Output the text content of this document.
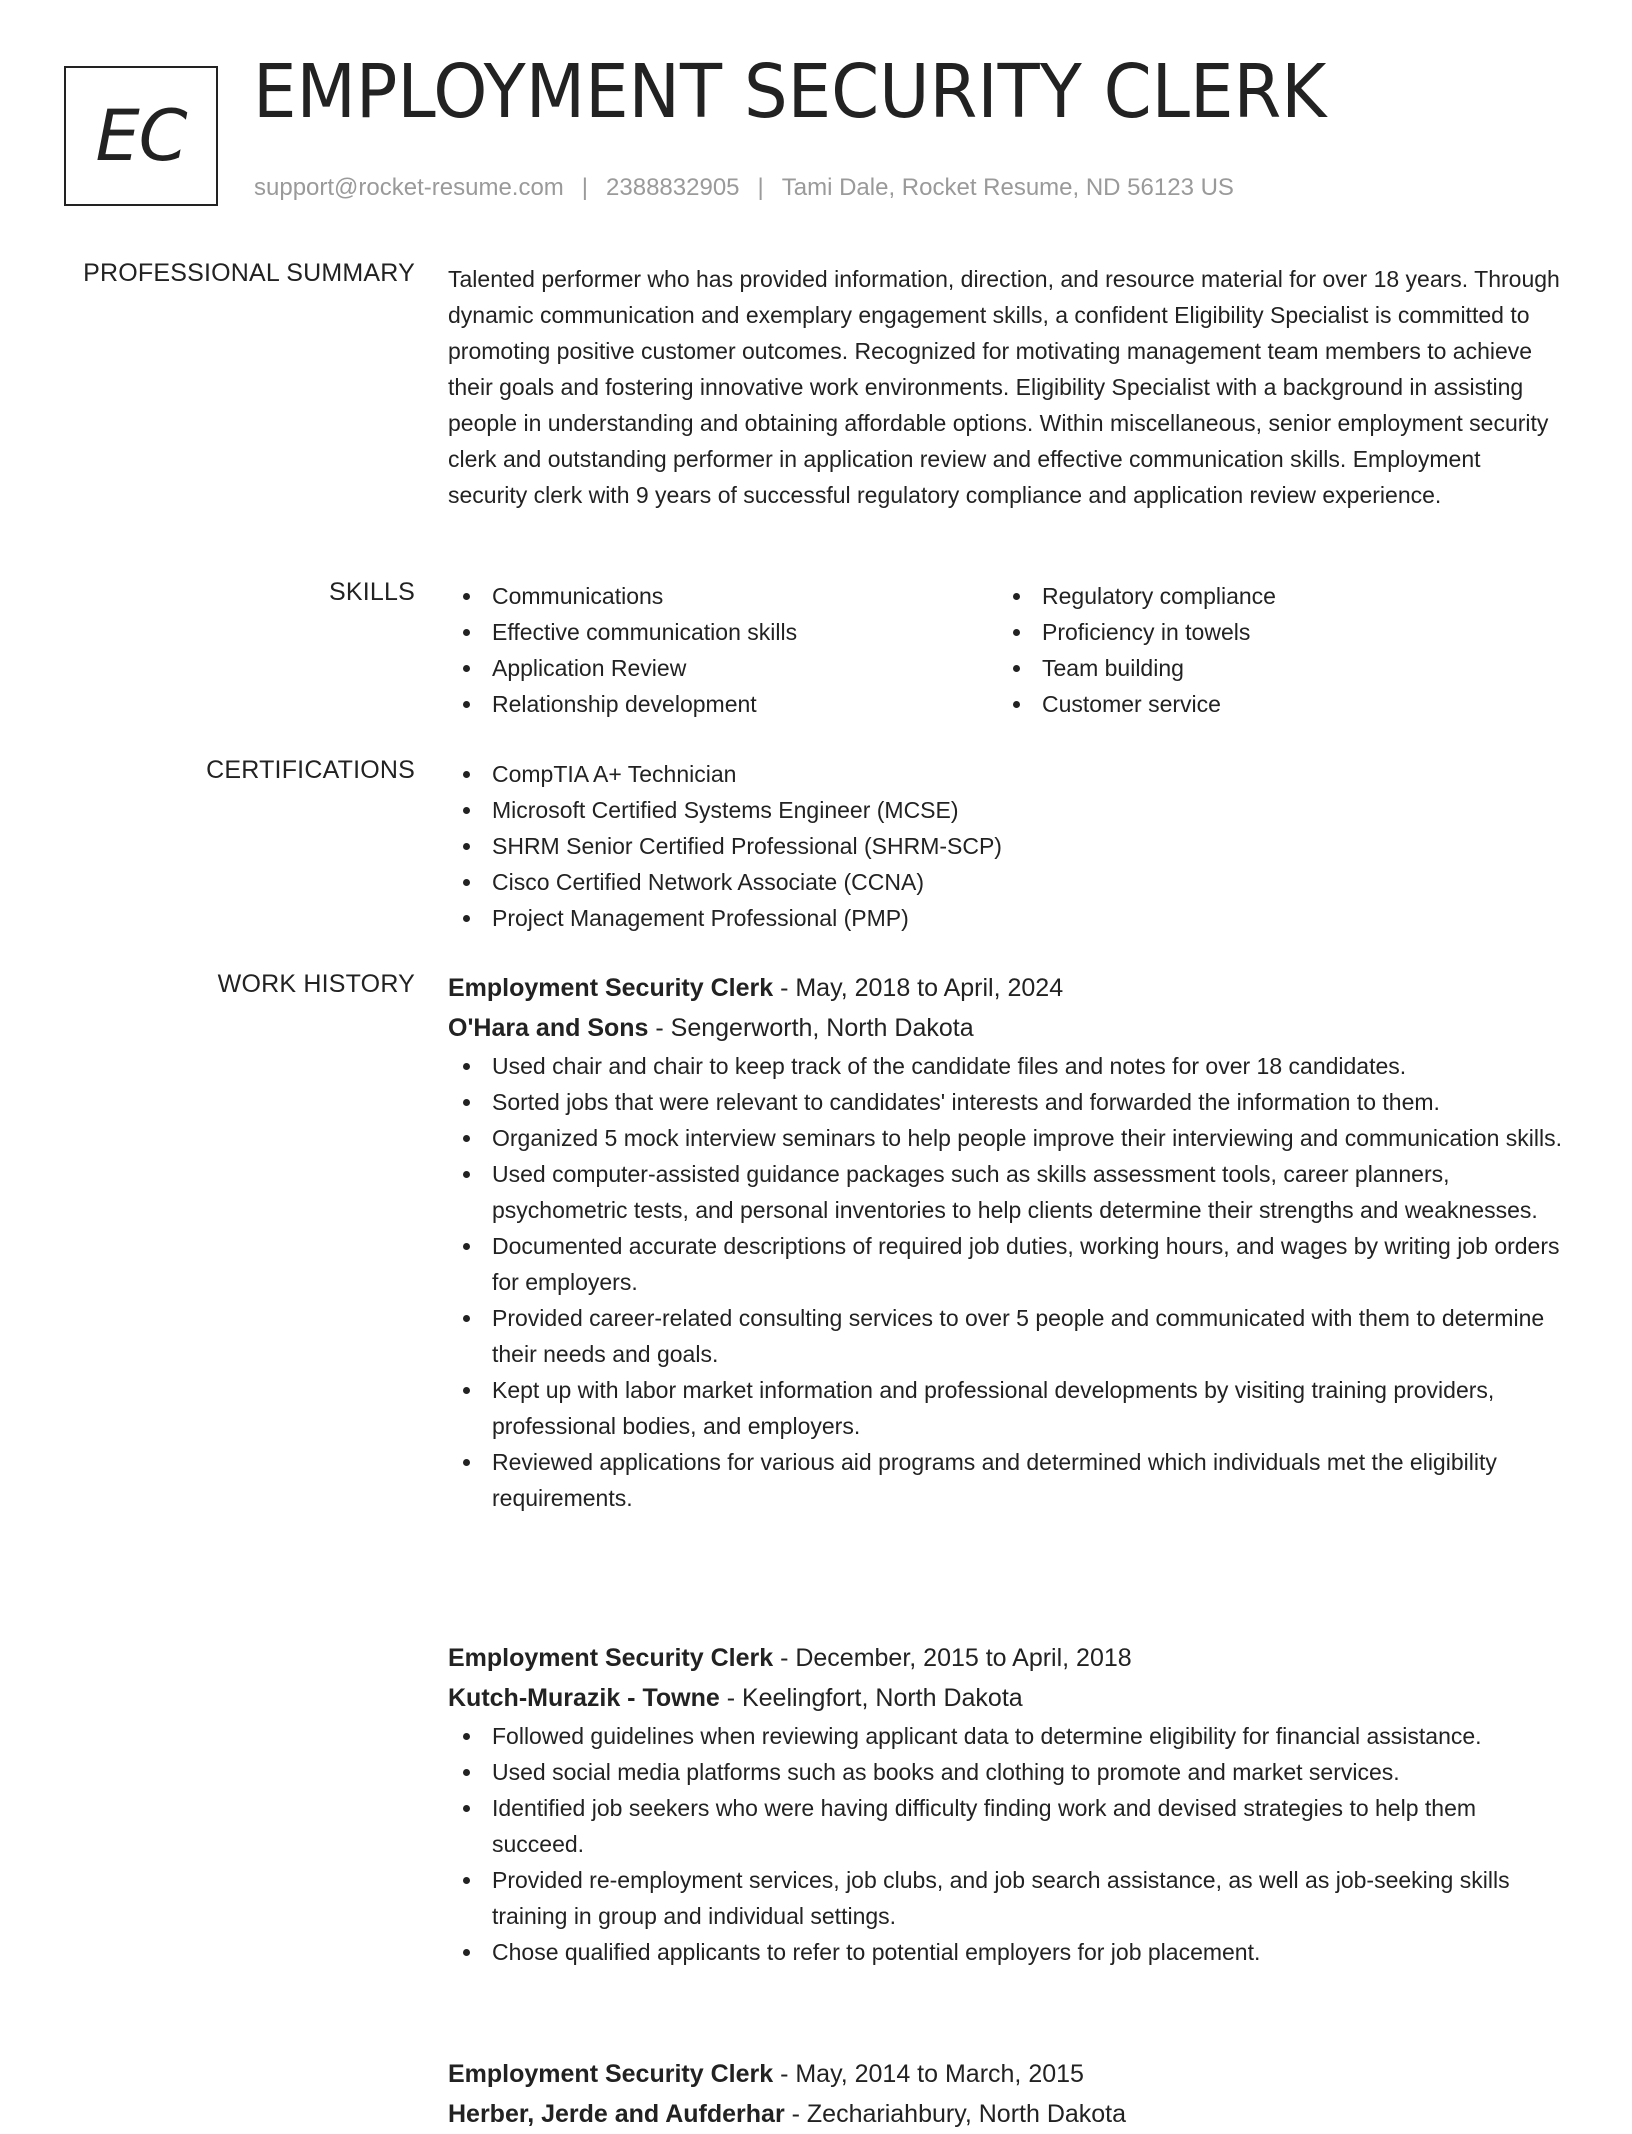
EC
EMPLOYMENT SECURITY CLERK
support@rocket-resume.com | 2388832905 | Tami Dale, Rocket Resume, ND 56123 US
PROFESSIONAL SUMMARY Talented performer who has provided information, direction, and resource material for over 18 years. Through dynamic communication and exemplary engagement skills, a confident Eligibility Specialist is committed to promoting positive customer outcomes. Recognized for motivating management team members to achieve their goals and fostering innovative work environments. Eligibility Specialist with a background in assisting people in understanding and obtaining affordable options. Within miscellaneous, senior employment security clerk and outstanding performer in application review and effective communication skills. Employment security clerk with 9 years of successful regulatory compliance and application review experience.
SKILLS	Communications
Effective communication skills
Application Review
Relationship development
Regulatory compliance
Proficiency in towels
Team building
Customer service
CERTIFICATIONS	CompTIA A+ Technician
Microsoft Certified Systems Engineer (MCSE)
SHRM Senior Certified Professional (SHRM-SCP)
Cisco Certified Network Associate (CCNA)
Project Management Professional (PMP)
WORK HISTORY Employment Security Clerk - May, 2018 to April, 2024
O'Hara and Sons - Sengerworth, North Dakota
Used chair and chair to keep track of the candidate files and notes for over 18 candidates.
Sorted jobs that were relevant to candidates' interests and forwarded the information to them.
Organized 5 mock interview seminars to help people improve their interviewing and communication skills.
Used computer-assisted guidance packages such as skills assessment tools, career planners, psychometric tests, and personal inventories to help clients determine their strengths and weaknesses.
Documented accurate descriptions of required job duties, working hours, and wages by writing job orders for employers.
Provided career-related consulting services to over 5 people and communicated with them to determine their needs and goals.
Kept up with labor market information and professional developments by visiting training providers, professional bodies, and employers.
Reviewed applications for various aid programs and determined which individuals met the eligibility requirements.
Employment Security Clerk - December, 2015 to April, 2018
Kutch-Murazik - Towne - Keelingfort, North Dakota
Followed guidelines when reviewing applicant data to determine eligibility for financial assistance.
Used social media platforms such as books and clothing to promote and market services.
Identified job seekers who were having difficulty finding work and devised strategies to help them succeed.
Provided re-employment services, job clubs, and job search assistance, as well as job-seeking skills training in group and individual settings.
Chose qualified applicants to refer to potential employers for job placement.
Employment Security Clerk - May, 2014 to March, 2015
Herber, Jerde and Aufderhar - Zechariahbury, North Dakota
